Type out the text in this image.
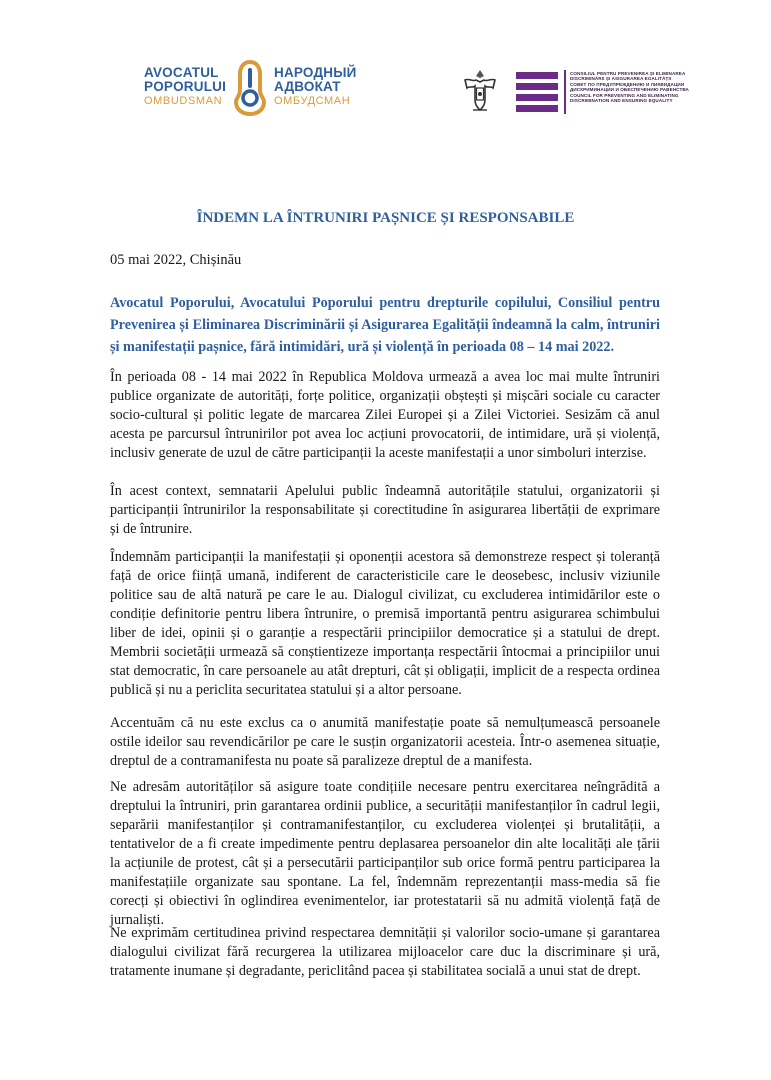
AVOCATUL
POPORULUI
OMBUDSMAN
НАРОДНЫЙ
АДВОКАТ
ОМБУДСМАН
CONSILIUL PENTRU PREVENIREA ȘI ELIMINAREA
DISCRIMINĂRII ȘI ASIGURAREA EGALITĂȚII
СОВЕТ ПО ПРЕДУПРЕЖДЕНИЮ И ЛИКВИДАЦИИ
ДИСКРИМИНАЦИИ И ОБЕСПЕЧЕНИЮ РАВЕНСТВА
COUNCIL FOR PREVENTING AND ELIMINATING
DISCRIMINATION AND ENSURING EQUALITY
ÎNDEMN LA ÎNTRUNIRI PAȘNICE ȘI RESPONSABILE

05 mai 2022, Chișinău

Avocatul Poporului, Avocatului Poporului pentru drepturile copilului, Consiliul pentru Prevenirea și Eliminarea Discriminării și Asigurarea Egalității îndeamnă la calm, întruniri și manifestații pașnice, fără intimidări, ură și violență în perioada 08 – 14 mai 2022.

În perioada 08 - 14 mai 2022 în Republica Moldova urmează a avea loc mai multe întruniri publice organizate de autorități, forțe politice, organizații obștești și mișcări sociale cu caracter socio-cultural și politic legate de marcarea Zilei Europei și a Zilei Victoriei. Sesizăm că anul acesta pe parcursul întrunirilor pot avea loc acțiuni provocatorii, de intimidare, ură și violență, inclusiv generate de uzul de către participanții la aceste manifestații a unor simboluri interzise.

În acest context, semnatarii Apelului public îndeamnă autoritățile statului, organizatorii și participanții întrunirilor la responsabilitate și corectitudine în asigurarea libertății de exprimare și de întrunire.

Îndemnăm participanții la manifestații și oponenții acestora să demonstreze respect și toleranță față de orice ființă umană, indiferent de caracteristicile care le deosebesc, inclusiv viziunile politice sau de altă natură pe care le au. Dialogul civilizat, cu excluderea intimidărilor este o condiție definitorie pentru libera întrunire, o premisă importantă pentru asigurarea schimbului liber de idei, opinii și o garanție a respectării principiilor democratice și a statului de drept. Membrii societății urmează să conștientizeze importanța respectării întocmai a principiilor unui stat democratic, în care persoanele au atât drepturi, cât și obligații, implicit de a respecta ordinea publică și nu a periclita securitatea statului și a altor persoane.

Accentuăm că nu este exclus ca o anumită manifestație poate să nemulțumească persoanele ostile ideilor sau revendicărilor pe care le susțin organizatorii acesteia. Într-o asemenea situație, dreptul de a contramanifesta nu poate să paralizeze dreptul de a manifesta.

Ne adresăm autorităților să asigure toate condițiile necesare pentru exercitarea neîngrădită a dreptului la întruniri, prin garantarea ordinii publice, a securității manifestanților în cadrul legii, separării manifestanților și contramanifestanților, cu excluderea violenței și brutalității, a tentativelor de a fi create impedimente pentru deplasarea persoanelor din alte localități ale țării la acțiunile de protest, cât și a persecutării participanților sub orice formă pentru participarea la manifestațiile organizate sau spontane. La fel, îndemnăm reprezentanții mass-media să fie corecți și obiectivi în oglindirea evenimentelor, iar protestatarii să nu admită violență față de jurnaliști.

Ne exprimăm certitudinea privind respectarea demnității și valorilor socio-umane și garantarea dialogului civilizat fără recurgerea la utilizarea mijloacelor care duc la discriminare și ură, tratamente inumane și degradante, periclitând pacea și stabilitatea socială a unui stat de drept.
